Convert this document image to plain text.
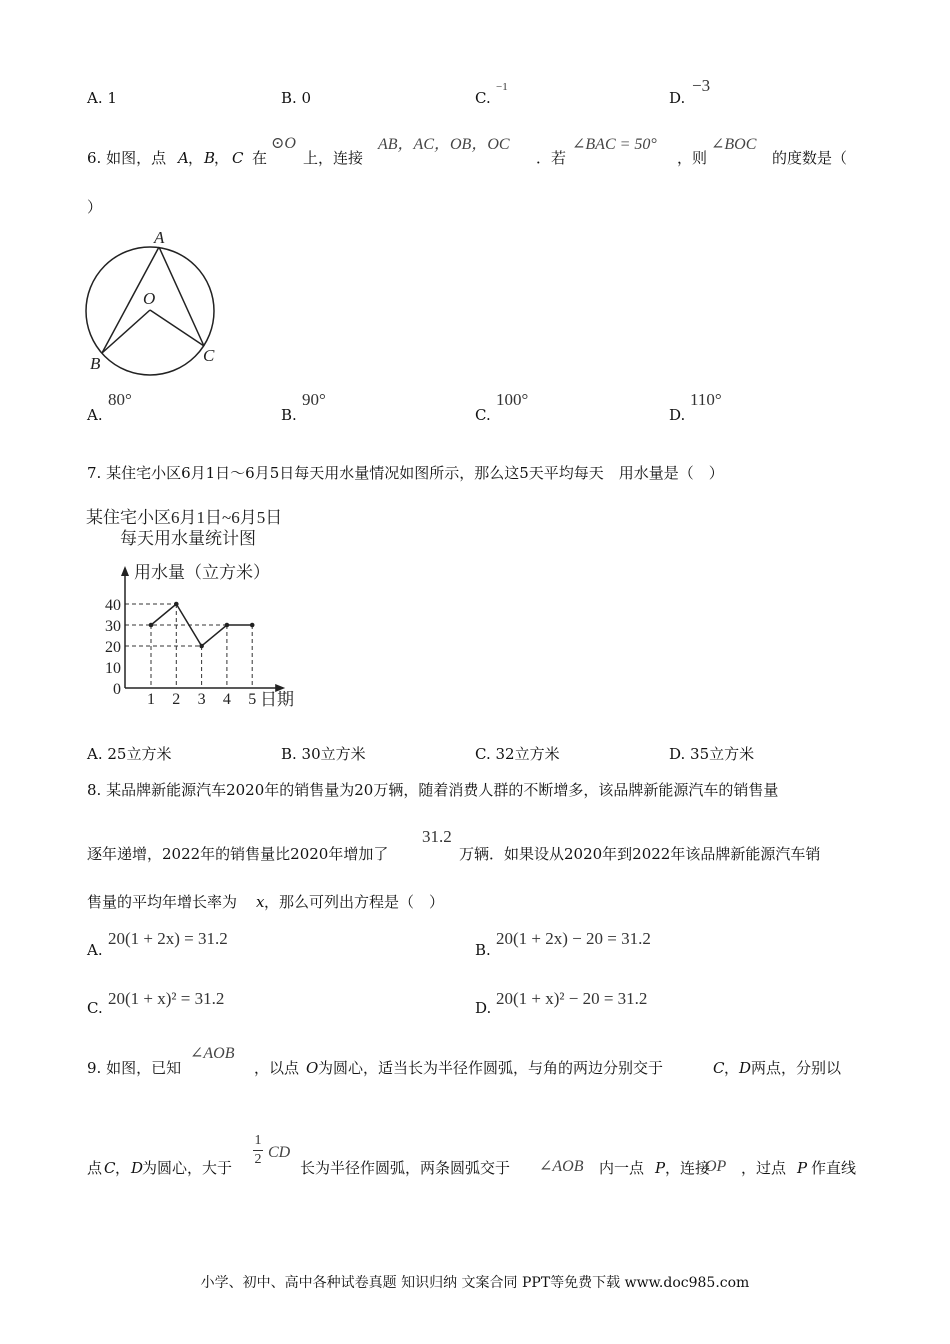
A. 1	B. 0	C.
−1
D.
−3
6. 如图，点 A ， B
， C 在
⊙O
上，连接
AB，AC，OB，OC
．若
∠BAC = 50°
，则
∠BOC
的度数是（
）
A
O
B	C
A.
80°
B.
90°
C.
100°
D.
110°
7. 某住宅小区6月1日～6月5日每天用水量情况如图所示，那么这5天平均每天　用水量是（　）
某住宅小区6月1日~6月5日
每天用水量统计图
用水量（立方米）
日期
0
10
20
30
40
1 2 3 4 5
A. 25立方米	B. 30立方米	C. 32立方米	D. 35立方米
8. 某品牌新能源汽车2020年的销售量为20万辆，随着消费人群的不断增多，该品牌新能源汽车的销售量
逐年递增，2022年的销售量比2020年增加了
31.2
万辆．如果设从2020年到2022年该品牌新能源汽车销
售量的平均年增长率为 x ，那么可列出方程是（　）
A.
20(1 + 2x) = 31.2
B.
20(1 + 2x) − 20 = 31.2
C. 20(1 + x)² = 31.2	D. 20(1 + x)² − 20 = 31.2
9. 如图，已知
∠AOB
，以点 O 为圆心，适当长为半径作圆弧，与角的两边分别交于	C ， D 两点，分别以
点 C ， D
为圆心，大于
1
2 CD
长为半径作圆弧，两条圆弧交于 ∠AOB 内一点 P ，连接
OP ，过点 P 作直线
小学、初中、高中各种试卷真题 知识归纳 文案合同 PPT等免费下载 www.doc985.com
